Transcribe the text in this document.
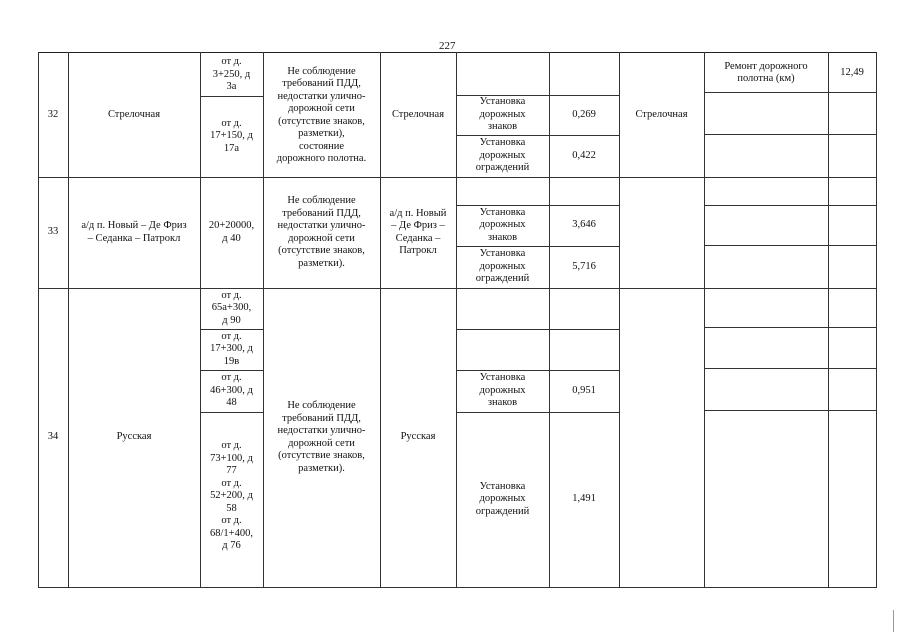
227
32	Стрелочная
от д.
3+250, д
3а
от д.
17+150, д
17а
Не соблюдение
требований ПДД,
недостатки улично-
дорожной сети
(отсутствие знаков,
разметки),
состояние
дорожного полотна.
Стрелочная
Установка
дорожных
знаков
0,269
Установка
дорожных
ограждений
0,422
Стрелочная
Ремонт дорожного
полотна (км)
12,49
33
а/д п. Новый – Де Фриз
– Седанка – Патрокл
20+20000,
д 40
Не соблюдение
требований ПДД,
недостатки улично-
дорожной сети
(отсутствие знаков,
разметки).
а/д п. Новый
– Де Фриз –
Седанка –
Патрокл
Установка
дорожных
знаков
3,646
Установка
дорожных
ограждений
5,716
34	Русская
от д.
65а+300,
д 90
от д.
17+300, д
19в
от д.
46+300, д
48
от д.
73+100, д
77
от д.
52+200, д
58
от д.
68/1+400,
д 76
Не соблюдение
требований ПДД,
недостатки улично-
дорожной сети
(отсутствие знаков,
разметки).
Русская
Установка
дорожных
знаков
0,951
Установка
дорожных
ограждений
1,491
